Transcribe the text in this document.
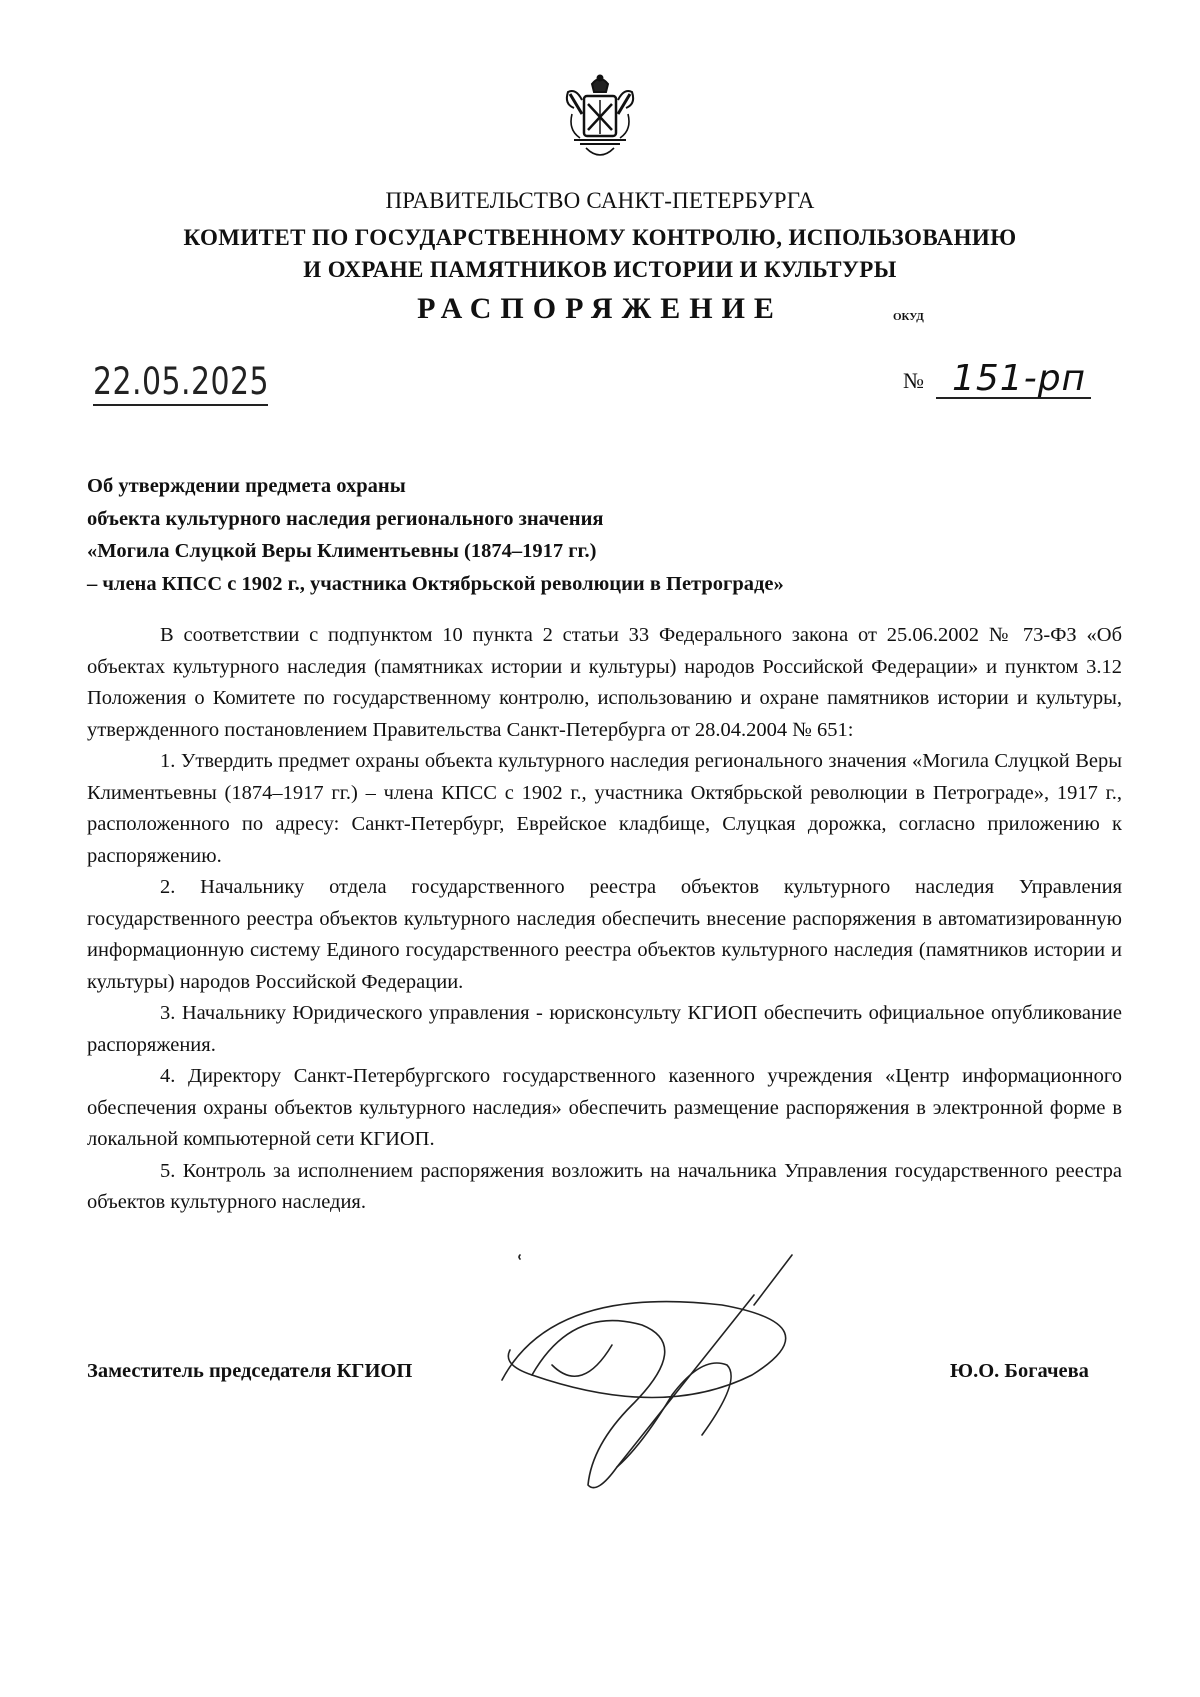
ПРАВИТЕЛЬСТВО САНКТ-ПЕТЕРБУРГА
КОМИТЕТ ПО ГОСУДАРСТВЕННОМУ КОНТРОЛЮ, ИСПОЛЬЗОВАНИЮ
И ОХРАНЕ ПАМЯТНИКОВ ИСТОРИИ И КУЛЬТУРЫ
РАСПОРЯЖЕНИЕ	ОКУД
22.05.2025	№ 151-рп
Об утверждении предмета охраны
объекта культурного наследия регионального значения
«Могила Слуцкой Веры Климентьевны (1874–1917 гг.)
– члена КПСС с 1902 г., участника Октябрьской революции в Петрограде»

В соответствии с подпунктом 10 пункта 2 статьи 33 Федерального закона от 25.06.2002 № 73-ФЗ «Об объектах культурного наследия (памятниках истории и культуры) народов Российской Федерации» и пунктом 3.12 Положения о Комитете по государственному контролю, использованию и охране памятников истории и культуры, утвержденного постановлением Правительства Санкт-Петербурга от 28.04.2004 № 651:

1. Утвердить предмет охраны объекта культурного наследия регионального значения «Могила Слуцкой Веры Климентьевны (1874–1917 гг.) – члена КПСС с 1902 г., участника Октябрьской революции в Петрограде», 1917 г., расположенного по адресу: Санкт-Петербург, Еврейское кладбище, Слуцкая дорожка, согласно приложению к распоряжению.

2. Начальнику отдела государственного реестра объектов культурного наследия Управления государственного реестра объектов культурного наследия обеспечить внесение распоряжения в автоматизированную информационную систему Единого государственного реестра объектов культурного наследия (памятников истории и культуры) народов Российской Федерации.

3. Начальнику Юридического управления - юрисконсульту КГИОП обеспечить официальное опубликование распоряжения.

4. Директору Санкт-Петербургского государственного казенного учреждения «Центр информационного обеспечения охраны объектов культурного наследия» обеспечить размещение распоряжения в электронной форме в локальной компьютерной сети КГИОП.

5. Контроль за исполнением распоряжения возложить на начальника Управления государственного реестра объектов культурного наследия.

Заместитель председателя КГИОП	Ю.О. Богачева
